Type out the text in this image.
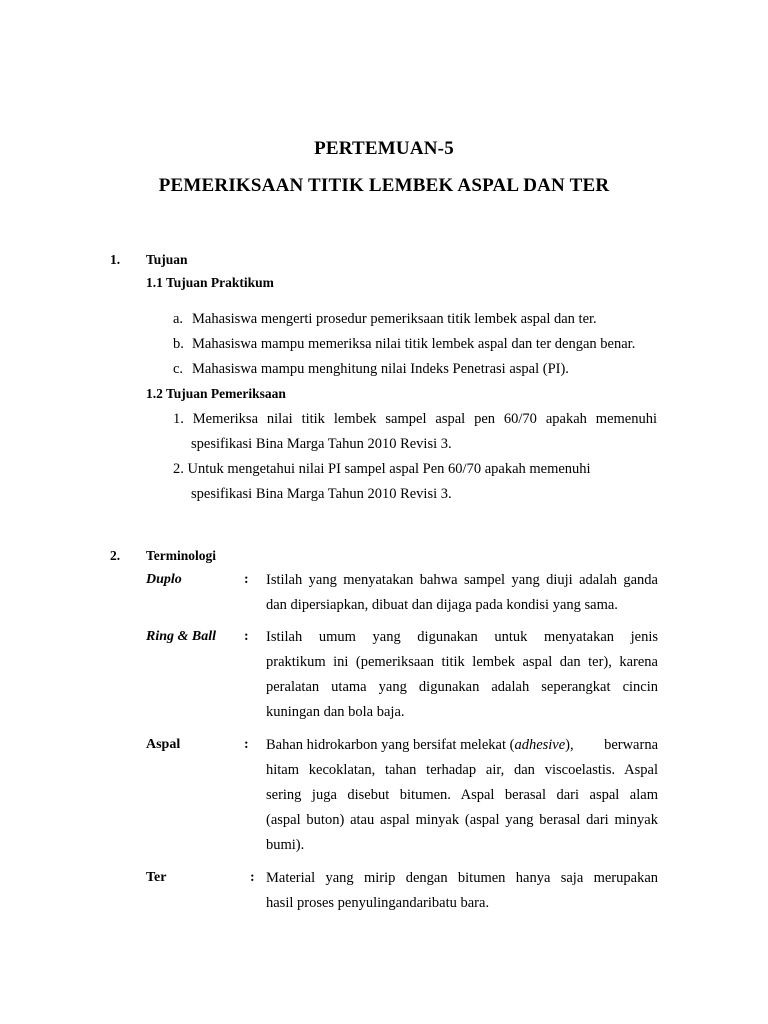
PERTEMUAN-5
PEMERIKSAAN TITIK LEMBEK ASPAL DAN TER
1. Tujuan
1.1 Tujuan Praktikum
a. Mahasiswa mengerti prosedur pemeriksaan titik lembek aspal dan ter.
b. Mahasiswa mampu memeriksa nilai titik lembek aspal dan ter dengan benar.
c. Mahasiswa mampu menghitung nilai Indeks Penetrasi aspal (PI).
1.2 Tujuan Pemeriksaan
1. Memeriksa nilai titik lembek sampel aspal pen 60/70 apakah memenuhi
spesifikasi Bina Marga Tahun 2010 Revisi 3.
2. Untuk mengetahui nilai PI sampel aspal Pen 60/70 apakah memenuhi
spesifikasi Bina Marga Tahun 2010 Revisi 3.
2. Terminologi
Duplo	: Istilah yang menyatakan bahwa sampel yang diuji adalah ganda
dan dipersiapkan, dibuat dan dijaga pada kondisi yang sama.
Ring & Ball : Istilah umum yang digunakan untuk menyatakan jenis
praktikum ini (pemeriksaan titik lembek aspal dan ter), karena
peralatan utama yang digunakan adalah seperangkat cincin
kuningan dan bola baja.
Aspal	: Bahan hidrokarbon yang bersifat melekat ( adhesive ), berwarna
hitam kecoklatan, tahan terhadap air, dan viscoelastis. Aspal
sering juga disebut bitumen. Aspal berasal dari aspal alam
(aspal buton) atau aspal minyak (aspal yang berasal dari minyak
bumi).
Ter	: Material yang mirip dengan bitumen hanya saja merupakan
hasil proses penyulingandaribatu bara.
